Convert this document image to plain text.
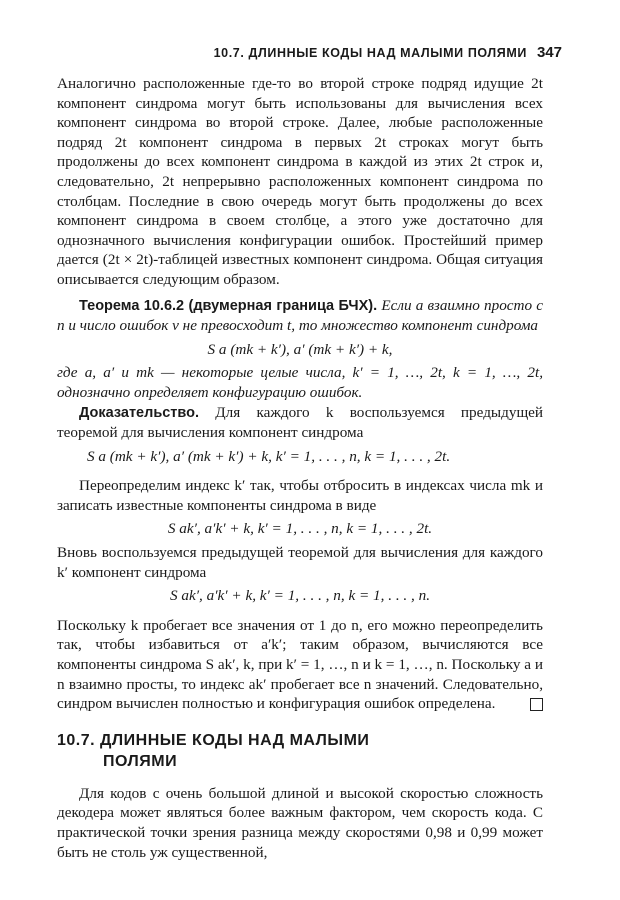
10.7. ДЛИННЫЕ КОДЫ НАД МАЛЫМИ ПОЛЯМИ 347

Аналогично расположенные где-то во второй строке подряд идущие 2t компонент синдрома могут быть использованы для вычисления всех компонент синдрома во второй строке. Далее, любые расположенные подряд 2t компонент синдрома в первых 2t строках могут быть продолжены до всех компонент синдрома в каждой из этих 2t строк и, следовательно, 2t непрерывно расположенных компонент синдрома по столбцам. Последние в свою очередь могут быть продолжены до всех компонент синдрома в своем столбце, а этого уже достаточно для однозначного вычисления конфигурации ошибок. Простейший пример дается (2t × 2t)-таблицей известных компонент синдрома. Общая ситуация описывается следующим образом.

Теорема 10.6.2 (двумерная граница БЧХ). Если a взаимно просто с n и число ошибок ν не превосходит t, то множество компонент синдрома

S a (mk + k′), a′ (mk + k′) + k,

где a, a′ и mk — некоторые целые числа, k′ = 1, …, 2t, k = 1, …, 2t, однозначно определяет конфигурацию ошибок.

Доказательство. Для каждого k воспользуемся предыдущей теоремой для вычисления компонент синдрома

S a (mk + k′), a′ (mk + k′) + k, k′ = 1, . . . , n, k = 1, . . . , 2t.

Переопределим индекс k′ так, чтобы отбросить в индексах числа mk и записать известные компоненты синдрома в виде

S ak′, a′k′ + k, k′ = 1, . . . , n, k = 1, . . . , 2t.

Вновь воспользуемся предыдущей теоремой для вычисления для каждого k′ компонент синдрома

S ak′, a′k′ + k, k′ = 1, . . . , n, k = 1, . . . , n.

Поскольку k пробегает все значения от 1 до n, его можно переопределить так, чтобы избавиться от a′k′; таким образом, вычисляются все компоненты синдрома S ak′, k, при k′ = 1, …, n и k = 1, …, n. Поскольку a и n взаимно просты, то индекс ak′ пробегает все n значений. Следовательно, синдром вычислен полностью и конфигурация ошибок определена.

10.7. ДЛИННЫЕ КОДЫ НАД МАЛЫМИ
ПОЛЯМИ

Для кодов с очень большой длиной и высокой скоростью сложность декодера может являться более важным фактором, чем скорость кода. С практической точки зрения разница между скоростями 0,98 и 0,99 может быть не столь уж существенной,
